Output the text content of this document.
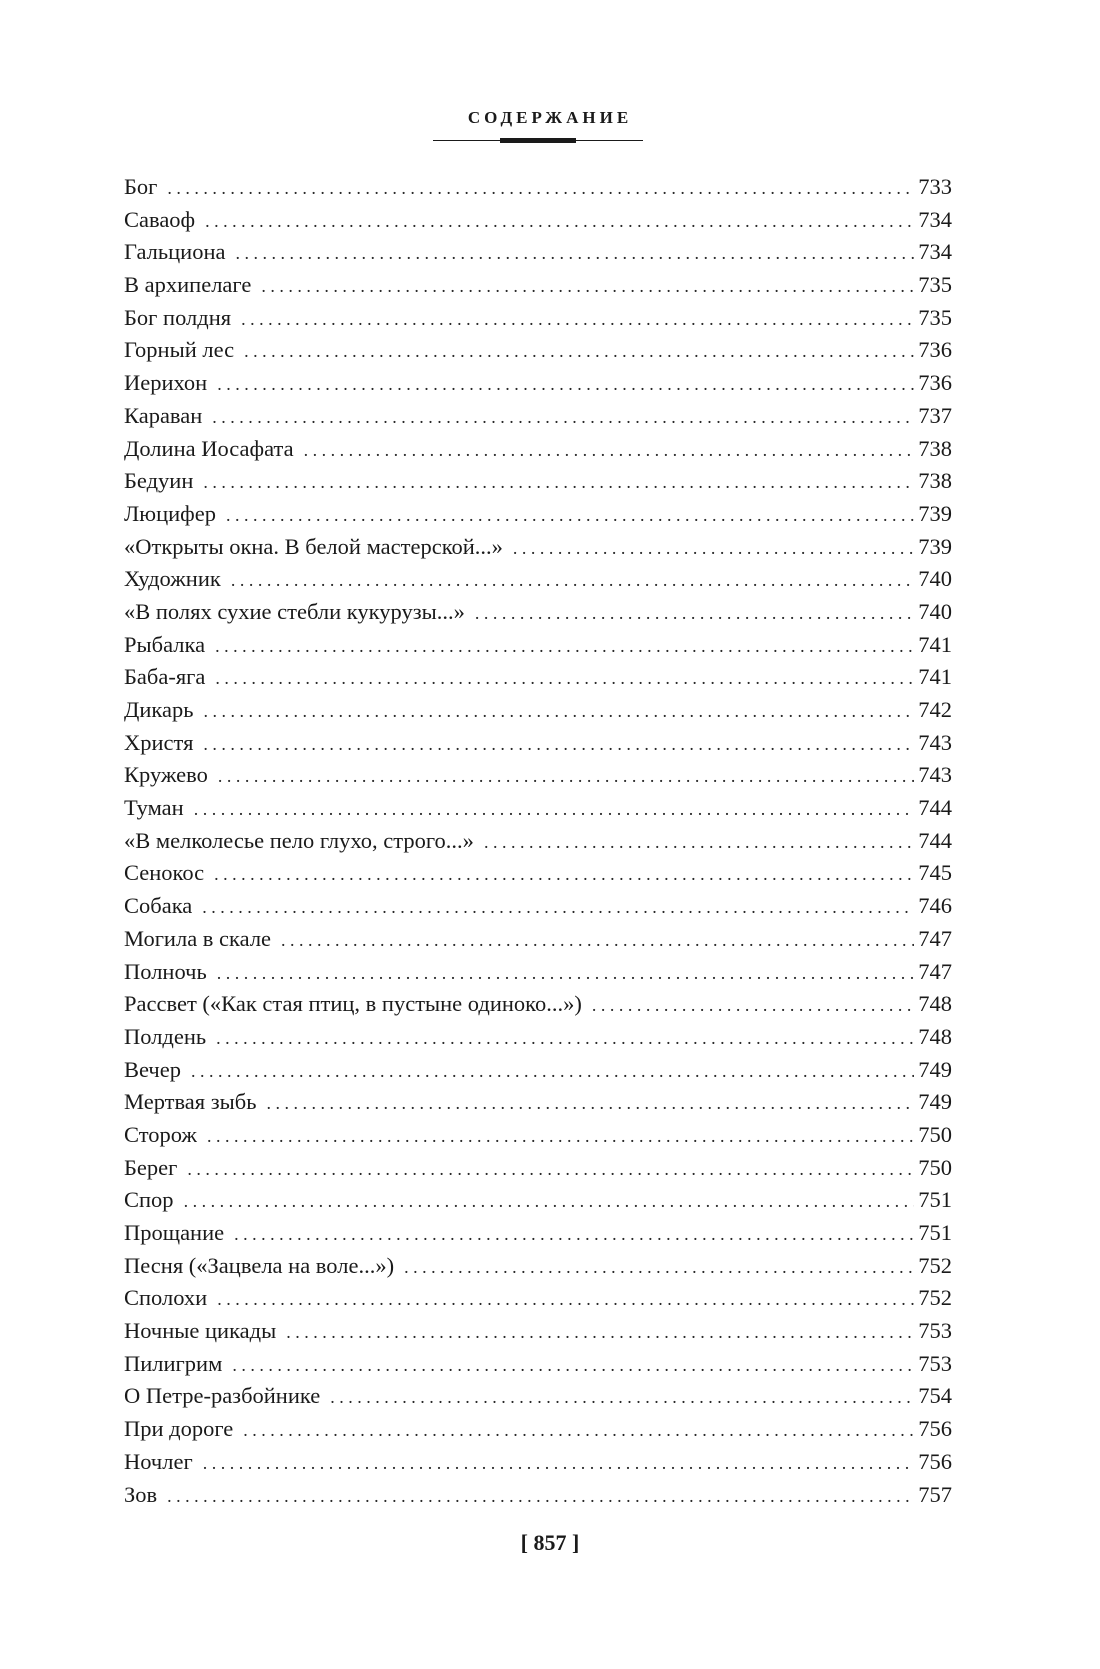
СОДЕРЖАНИЕ
Бог . . .	733
Саваоф . . .	734
Гальциона . . .	734
В архипелаге . . .	735
Бог полдня . . .	735
Горный лес . . .	736
Иерихон . . .	736
Караван . . .	737
Долина Иосафата . . .	738
Бедуин . . .	738
Люцифер . . .	739
«Открыты окна. В белой мастерской...» . . .	739
Художник . . .	740
«В полях сухие стебли кукурузы...» . . .	740
Рыбалка . . .	741
Баба-яга . . .	741
Дикарь . . .	742
Христя . . .	743
Кружево . . .	743
Туман . . .	744
«В мелколесье пело глухо, строго...» . . .	744
Сенокос . . .	745
Собака . . .	746
Могила в скале . . .	747
Полночь . . .	747
Рассвет («Как стая птиц, в пустыне одиноко...») . . .	748
Полдень . . .	748
Вечер . . .	749
Мертвая зыбь . . .	749
Сторож . . .	750
Берег . . .	750
Спор . . .	751
Прощание . . .	751
Песня («Зацвела на воле...») . . .	752
Сполохи . . .	752
Ночные цикады . . .	753
Пилигрим . . .	753
О Петре-разбойнике . . .	754
При дороге . . .	756
Ночлег . . .	756
Зов . . .	757
[ 857 ]
